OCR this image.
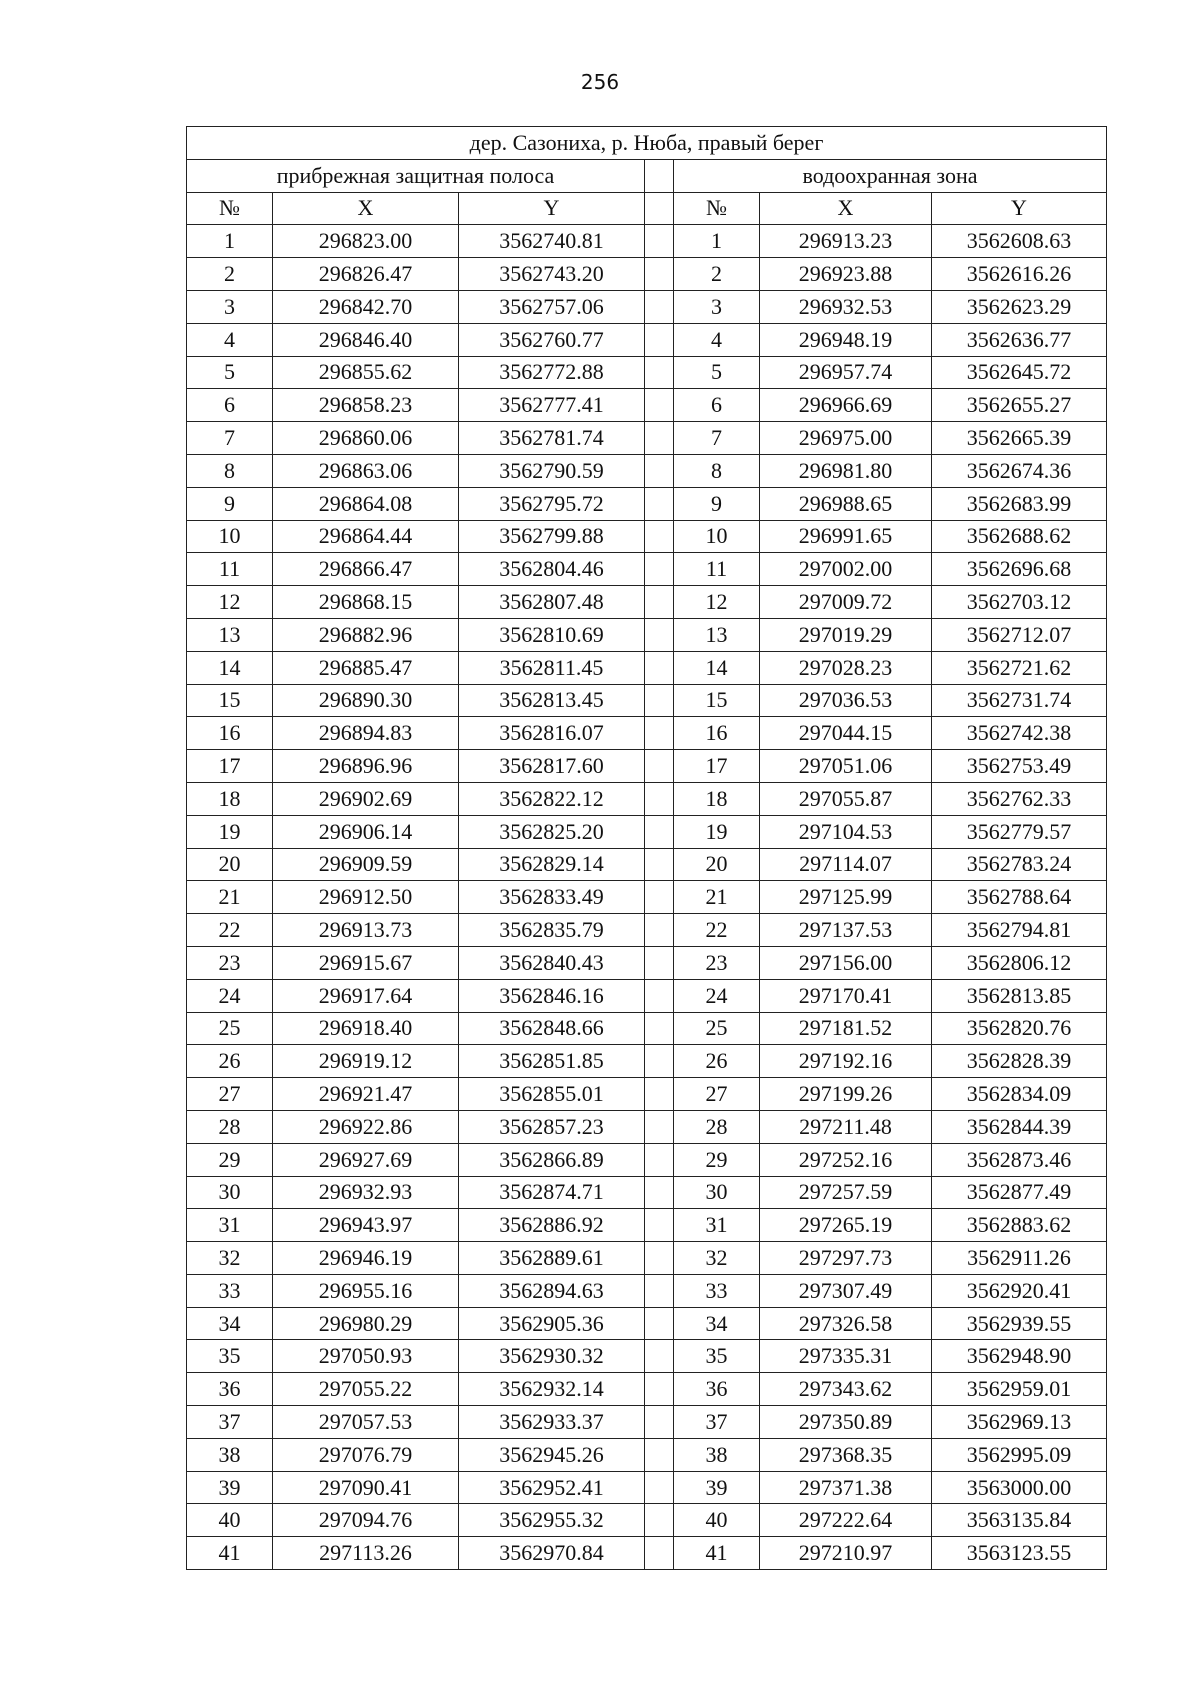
256
дер. Сазониха, р. Нюба, правый берег						
прибрежная защитная полоса				водоохранная зона		
№	X	Y		№	X	Y
1	296823.00	3562740.81		1	296913.23	3562608.63
2	296826.47	3562743.20		2	296923.88	3562616.26
3	296842.70	3562757.06		3	296932.53	3562623.29
4	296846.40	3562760.77		4	296948.19	3562636.77
5	296855.62	3562772.88		5	296957.74	3562645.72
6	296858.23	3562777.41		6	296966.69	3562655.27
7	296860.06	3562781.74		7	296975.00	3562665.39
8	296863.06	3562790.59		8	296981.80	3562674.36
9	296864.08	3562795.72		9	296988.65	3562683.99
10	296864.44	3562799.88		10	296991.65	3562688.62
11	296866.47	3562804.46		11	297002.00	3562696.68
12	296868.15	3562807.48		12	297009.72	3562703.12
13	296882.96	3562810.69		13	297019.29	3562712.07
14	296885.47	3562811.45		14	297028.23	3562721.62
15	296890.30	3562813.45		15	297036.53	3562731.74
16	296894.83	3562816.07		16	297044.15	3562742.38
17	296896.96	3562817.60		17	297051.06	3562753.49
18	296902.69	3562822.12		18	297055.87	3562762.33
19	296906.14	3562825.20		19	297104.53	3562779.57
20	296909.59	3562829.14		20	297114.07	3562783.24
21	296912.50	3562833.49		21	297125.99	3562788.64
22	296913.73	3562835.79		22	297137.53	3562794.81
23	296915.67	3562840.43		23	297156.00	3562806.12
24	296917.64	3562846.16		24	297170.41	3562813.85
25	296918.40	3562848.66		25	297181.52	3562820.76
26	296919.12	3562851.85		26	297192.16	3562828.39
27	296921.47	3562855.01		27	297199.26	3562834.09
28	296922.86	3562857.23		28	297211.48	3562844.39
29	296927.69	3562866.89		29	297252.16	3562873.46
30	296932.93	3562874.71		30	297257.59	3562877.49
31	296943.97	3562886.92		31	297265.19	3562883.62
32	296946.19	3562889.61		32	297297.73	3562911.26
33	296955.16	3562894.63		33	297307.49	3562920.41
34	296980.29	3562905.36		34	297326.58	3562939.55
35	297050.93	3562930.32		35	297335.31	3562948.90
36	297055.22	3562932.14		36	297343.62	3562959.01
37	297057.53	3562933.37		37	297350.89	3562969.13
38	297076.79	3562945.26		38	297368.35	3562995.09
39	297090.41	3562952.41		39	297371.38	3563000.00
40	297094.76	3562955.32		40	297222.64	3563135.84
41	297113.26	3562970.84		41	297210.97	3563123.55
